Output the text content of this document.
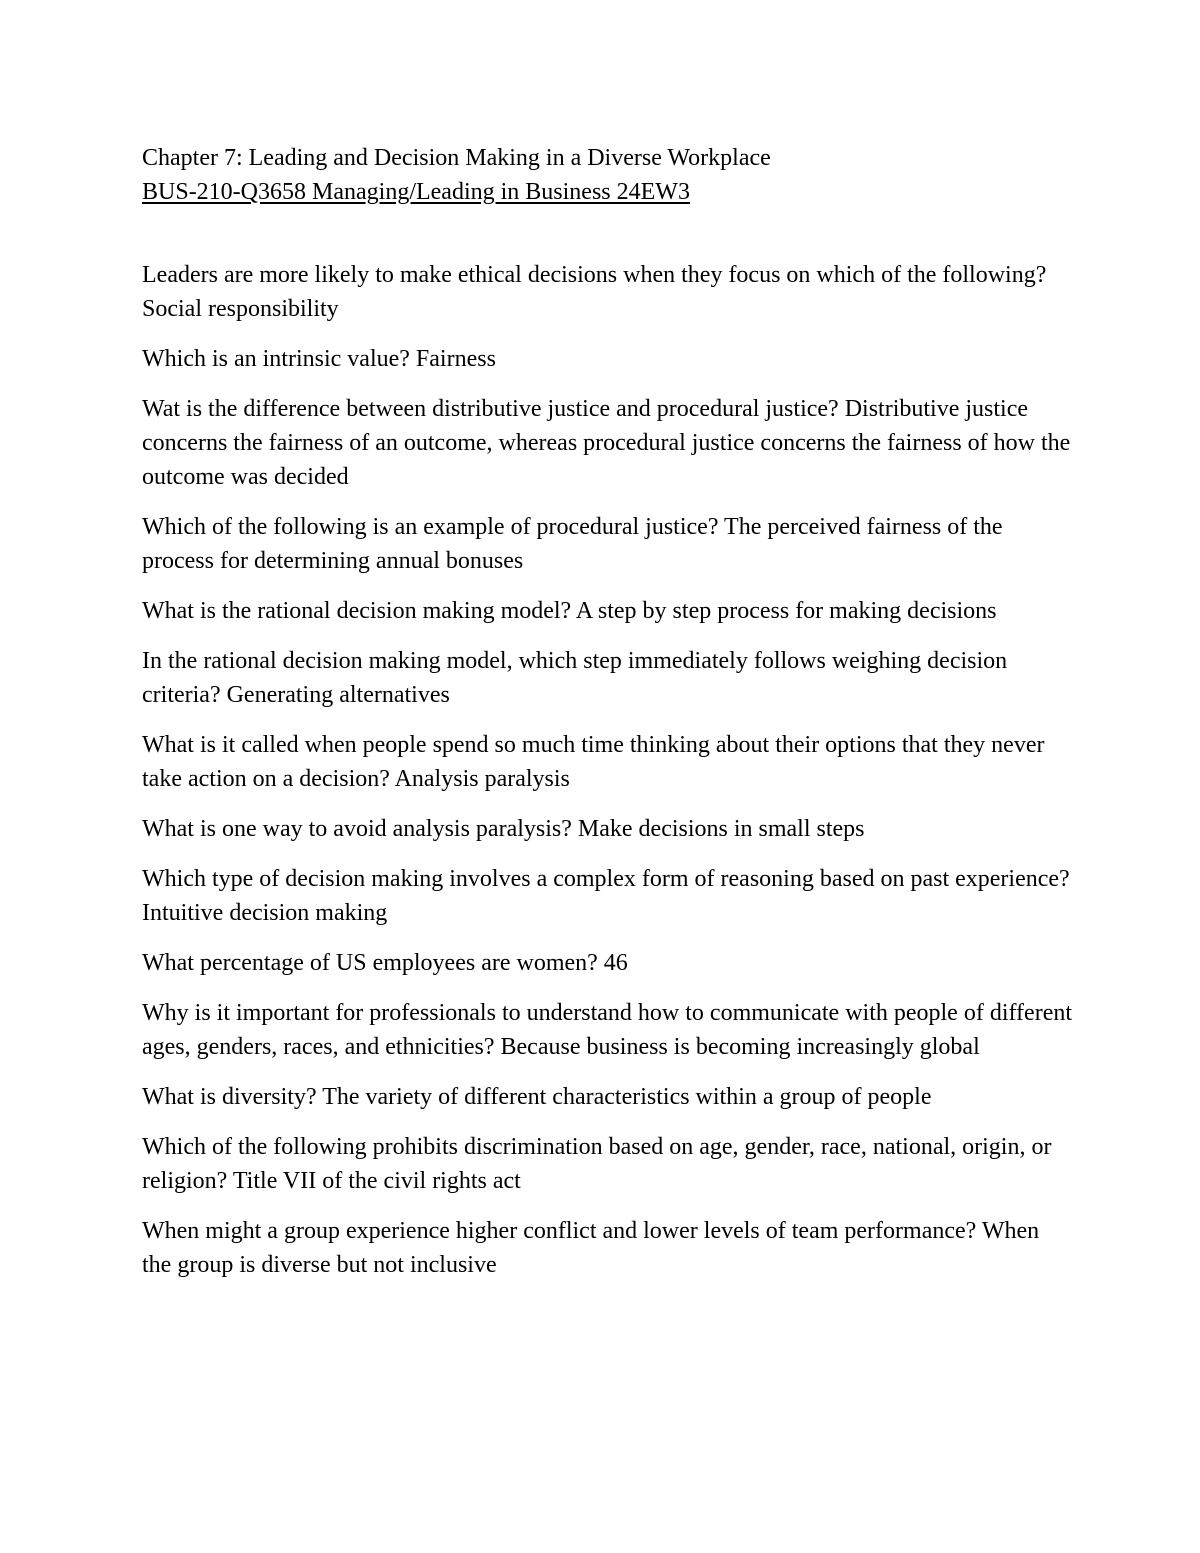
Chapter 7: Leading and Decision Making in a Diverse Workplace
BUS-210-Q3658 Managing/Leading in Business 24EW3

Leaders are more likely to make ethical decisions when they focus on which of the following? Social responsibility

Which is an intrinsic value? Fairness

Wat is the difference between distributive justice and procedural justice? Distributive justice concerns the fairness of an outcome, whereas procedural justice concerns the fairness of how the outcome was decided

Which of the following is an example of procedural justice? The perceived fairness of the process for determining annual bonuses

What is the rational decision making model? A step by step process for making decisions

In the rational decision making model, which step immediately follows weighing decision criteria? Generating alternatives

What is it called when people spend so much time thinking about their options that they never take action on a decision? Analysis paralysis

What is one way to avoid analysis paralysis? Make decisions in small steps

Which type of decision making involves a complex form of reasoning based on past experience? Intuitive decision making

What percentage of US employees are women? 46

Why is it important for professionals to understand how to communicate with people of different ages, genders, races, and ethnicities? Because business is becoming increasingly global

What is diversity? The variety of different characteristics within a group of people

Which of the following prohibits discrimination based on age, gender, race, national, origin, or religion? Title VII of the civil rights act

When might a group experience higher conflict and lower levels of team performance? When the group is diverse but not inclusive
